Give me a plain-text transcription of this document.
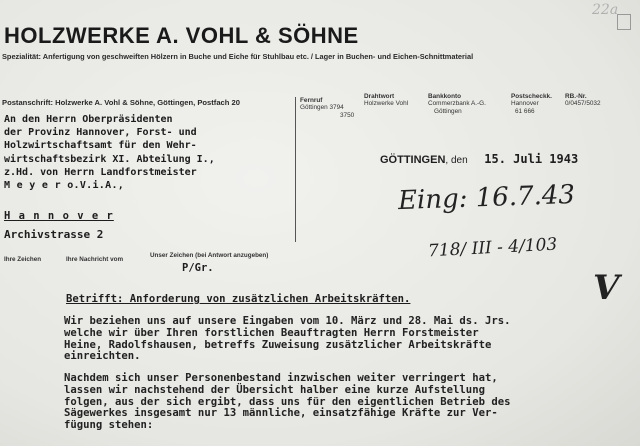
HOLZWERKE A. VOHL & SÖHNE
Spezialität: Anfertigung von geschweiften Hölzern in Buche und Eiche für Stuhlbau etc. / Lager in Buchen- und Eichen-Schnittmaterial
22a
Postanschrift: Holzwerke A. Vohl & Söhne, Göttingen, Postfach 20	Fernruf
Göttingen 3794
3750
Drahtwort
Holzwerke Vohl
Bankkonto
Commerzbank A.-G.
Göttingen
Postscheckk.
Hannover
61 666
RB.-Nr.
0/0457/5032
An den Herrn Oberpräsidenten
der Provinz Hannover, Forst- und
Holzwirtschaftsamt für den Wehr-
wirtschaftsbezirk XI. Abteilung I.,
z.Hd. von Herrn Landforstmeister
M e y e r o.V.i.A.,
H a n n o v e r
Archivstrasse 2
Ihre Zeichen	Ihre Nachricht vom
Unser Zeichen (bei Antwort anzugeben)
P/Gr.
GÖTTINGEN, den 15. Juli 1943
Eing: 16.7.43
718/ III - 4/103
V
Betrifft: Anforderung von zusätzlichen Arbeitskräften.
Wir beziehen uns auf unsere Eingaben vom 10. März und 28. Mai ds. Jrs.
welche wir über Ihren forstlichen Beauftragten Herrn Forstmeister
Heine, Radolfshausen, betreffs Zuweisung zusätzlicher Arbeitskräfte
einreichten.
Nachdem sich unser Personenbestand inzwischen weiter verringert hat,
lassen wir nachstehend der Übersicht halber eine kurze Aufstellung
folgen, aus der sich ergibt, dass uns für den eigentlichen Betrieb des
Sägewerkes insgesamt nur 13 männliche, einsatzfähige Kräfte zur Ver-
fügung stehen:
